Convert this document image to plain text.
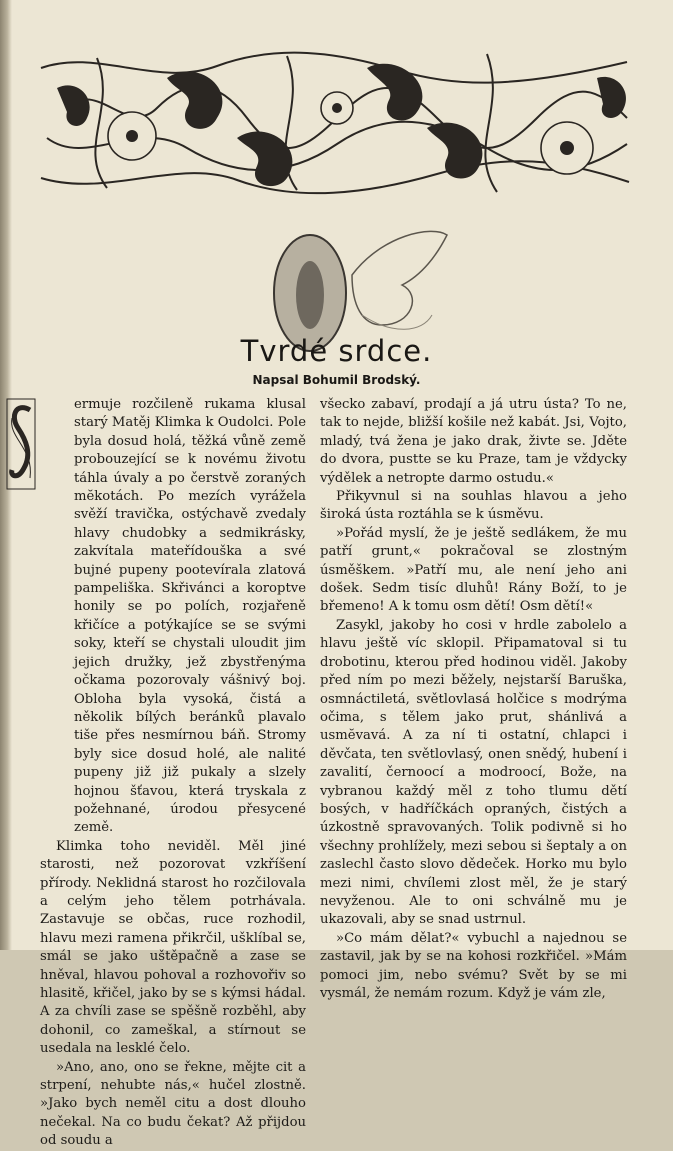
Tvrdé srdce.
Napsal Bohumil Brodský.

ermuje rozčileně rukama klusal starý Matěj Klimka k Oudolci. Pole byla dosud holá, těžká vůně země probouzející se k novému životu táhla úvaly a po čerstvě zoraných mĕkotách. Po mezích vyrážela svěží travička, ostýchavě zvedaly hlavy chudobky a sedmikrásky, zakvítala mateřídouška a své bujné pupeny pootevírala zlatová pampeliška. Skřivánci a koroptve honily se po polích, rozjařeně křičíce a potýkajíce se se svými soky, kteří se chystali uloudit jim jejich družky, jež zbystřenýma očkama pozorovaly vášnivý boj. Obloha byla vysoká, čistá a několik bílých beránků plavalo tiše přes nesmírnou báň. Stromy byly sice dosud holé, ale nalité pupeny již již pukaly a slzely hojnou šťavou, která tryskala z požehnané, úrodou přesycené země.

Klimka toho neviděl. Měl jiné starosti, než pozorovat vzkříšení přírody. Neklidná starost ho rozčilovala a celým jeho tělem potrhávala. Zastavuje se občas, ruce rozhodil, hlavu mezi ramena přikrčil, ušklíbal se, smál se jako uštěpačně a zase se hněval, hlavou pohoval a rozhovořiv so hlasitě, křičel, jako by se s kýmsi hádal. A za chvíli zase se spěšně rozběhl, aby dohonil, co zameškal, a stírnout se usedala na lesklé čelo.

»Ano, ano, ono se řekne, mějte cit a strpení, nehubte nás,« hučel zlostně. »Jako bych neměl citu a dost dlouho nečekal. Na co budu čekat? Až přijdou od soudu a

všecko zabaví, prodají a já utru ústa? To ne, tak to nejde, bližší košile než kabát. Jsi, Vojto, mladý, tvá žena je jako drak, živte se. Jděte do dvora, pustte se ku Praze, tam je vždycky výdělek a netropte darmo ostudu.«

Přikyvnul si na souhlas hlavou a jeho široká ústa roztáhla se k úsměvu.

»Pořád myslí, že je ještě sedlákem, že mu patří grunt,« pokračoval se zlostným úsměškem. »Patří mu, ale není jeho ani došek. Sedm tisíc dluhů! Rány Boží, to je břemeno! A k tomu osm dětí! Osm dětí!«

Zasykl, jakoby ho cosi v hrdle zabolelo a hlavu ještě víc sklopil. Připamatoval si tu drobotinu, kterou před hodinou viděl. Jakoby před ním po mezi běžely, nejstarší Baruška, osmnáctiletá, světlovlasá holčice s modrýma očima, s tělem jako prut, shánlivá a usmĕvavá. A za ní ti ostatní, chlapci i děvčata, ten světlovlasý, onen snědý, hubení i zavalití, černoocí a modroocí, Bože, na vybranou každý měl z toho tlumu dětí bosých, v hadříčkách opraných, čistých a úzkostně spravovaných. Tolik podivně si ho všechny prohlížely, mezi sebou si šeptaly a on zaslechl často slovo dědeček. Horko mu bylo mezi nimi, chvílemi zlost měl, že je starý nevyženou. Ale to oni schválně mu je ukazovali, aby se snad ustrnul.

»Co mám dělat?« vybuchl a najednou se zastavil, jak by se na kohosi rozkřičel. »Mám pomoci jim, nebo svému? Svět by se mi vysmál, že nemám rozum. Když je vám zle,
